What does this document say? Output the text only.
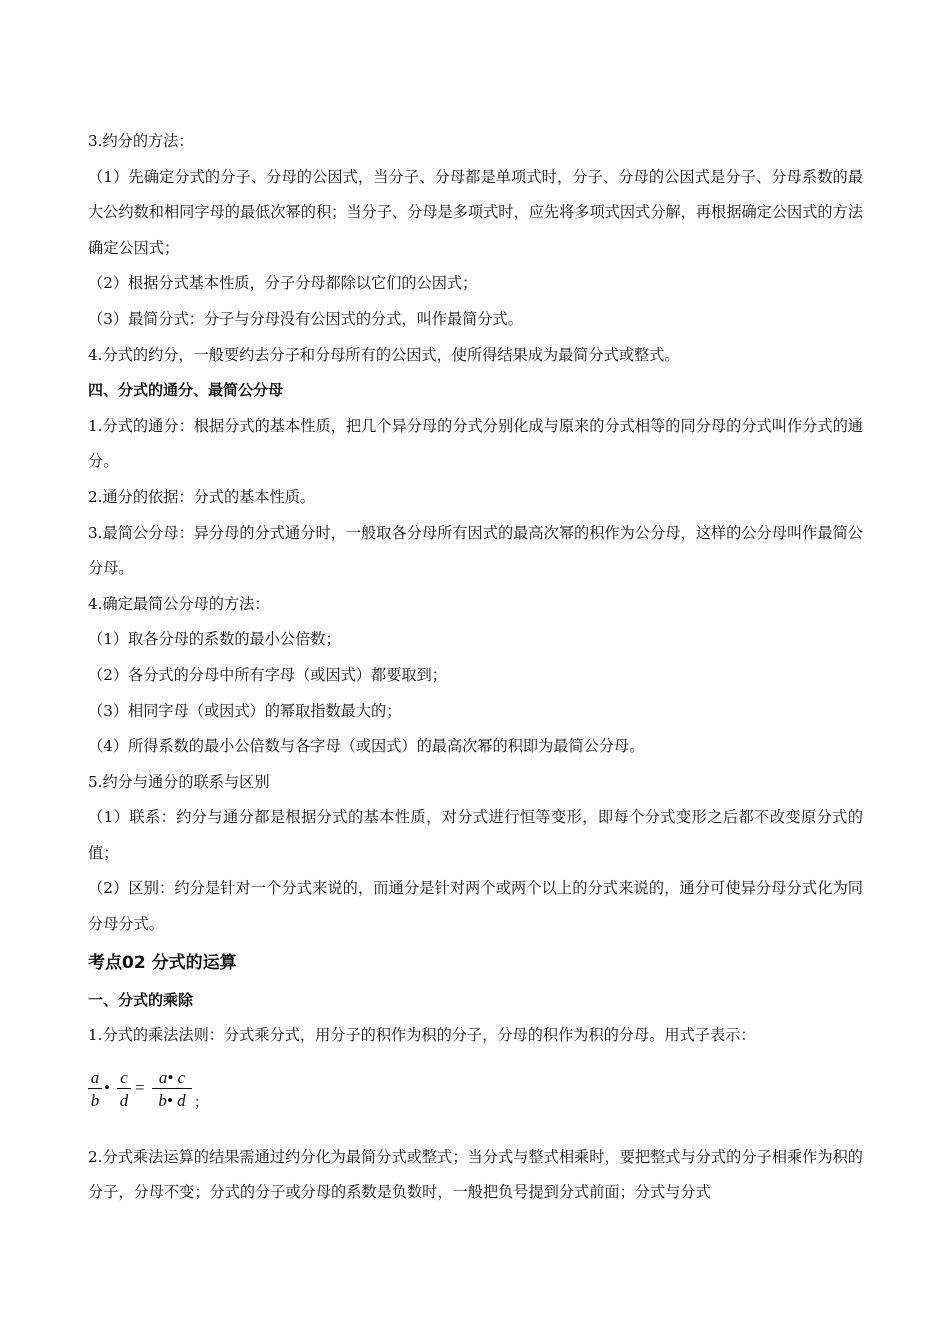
3.约分的方法：

（1）先确定分式的分子、分母的公因式，当分子、分母都是单项式时，分子、分母的公因式是分子、分母系数的最大公约数和相同字母的最低次幂的积；当分子、分母是多项式时，应先将多项式因式分解，再根据确定公因式的方法确定公因式；

（2）根据分式基本性质，分子分母都除以它们的公因式；

（3）最简分式：分子与分母没有公因式的分式，叫作最简分式。

4.分式的约分，一般要约去分子和分母所有的公因式，使所得结果成为最简分式或整式。

四、分式的通分、最简公分母

1.分式的通分：根据分式的基本性质，把几个异分母的分式分别化成与原来的分式相等的同分母的分式叫作分式的通分。

2.通分的依据：分式的基本性质。

3.最简公分母：异分母的分式通分时，一般取各分母所有因式的最高次幂的积作为公分母，这样的公分母叫作最简公分母。

4.确定最简公分母的方法：

（1）取各分母的系数的最小公倍数；

（2）各分式的分母中所有字母（或因式）都要取到；

（3）相同字母（或因式）的幂取指数最大的；

（4）所得系数的最小公倍数与各字母（或因式）的最高次幂的积即为最简公分母。

5.约分与通分的联系与区别

（1）联系：约分与通分都是根据分式的基本性质，对分式进行恒等变形，即每个分式变形之后都不改变原分式的值；

（2）区别：约分是针对一个分式来说的，而通分是针对两个或两个以上的分式来说的，通分可使异分母分式化为同分母分式。

考点02 分式的运算

一、分式的乘除

1.分式的乘法法则：分式乘分式，用分子的积作为积的分子，分母的积作为积的分母。用式子表示：

a
b
•
c
d
=
a• c
b• d ；

2.分式乘法运算的结果需通过约分化为最简分式或整式；当分式与整式相乘时，要把整式与分式的分子相乘作为积的分子，分母不变；分式的分子或分母的系数是负数时，一般把负号提到分式前面；分式与分式
